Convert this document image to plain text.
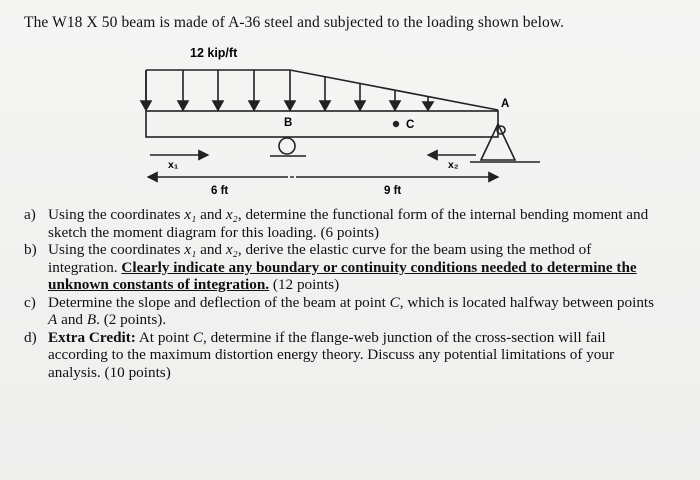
The W18 X 50 beam is made of A-36 steel and subjected to the loading shown below.
12 kip/ft
B	C
A
x₁	x₂
6 ft	9 ft

a) Using the coordinates x₁ and x₂, determine the functional form of the internal bending moment and sketch the moment diagram for this loading. (6 points)

b) Using the coordinates x₁ and x₂, derive the elastic curve for the beam using the method of integration. Clearly indicate any boundary or continuity conditions needed to determine the unknown constants of integration. (12 points)

c) Determine the slope and deflection of the beam at point C, which is located halfway between points A and B. (2 points).

d) Extra Credit: At point C, determine if the flange-web junction of the cross-section will fail according to the maximum distortion energy theory. Discuss any potential limitations of your analysis. (10 points)
